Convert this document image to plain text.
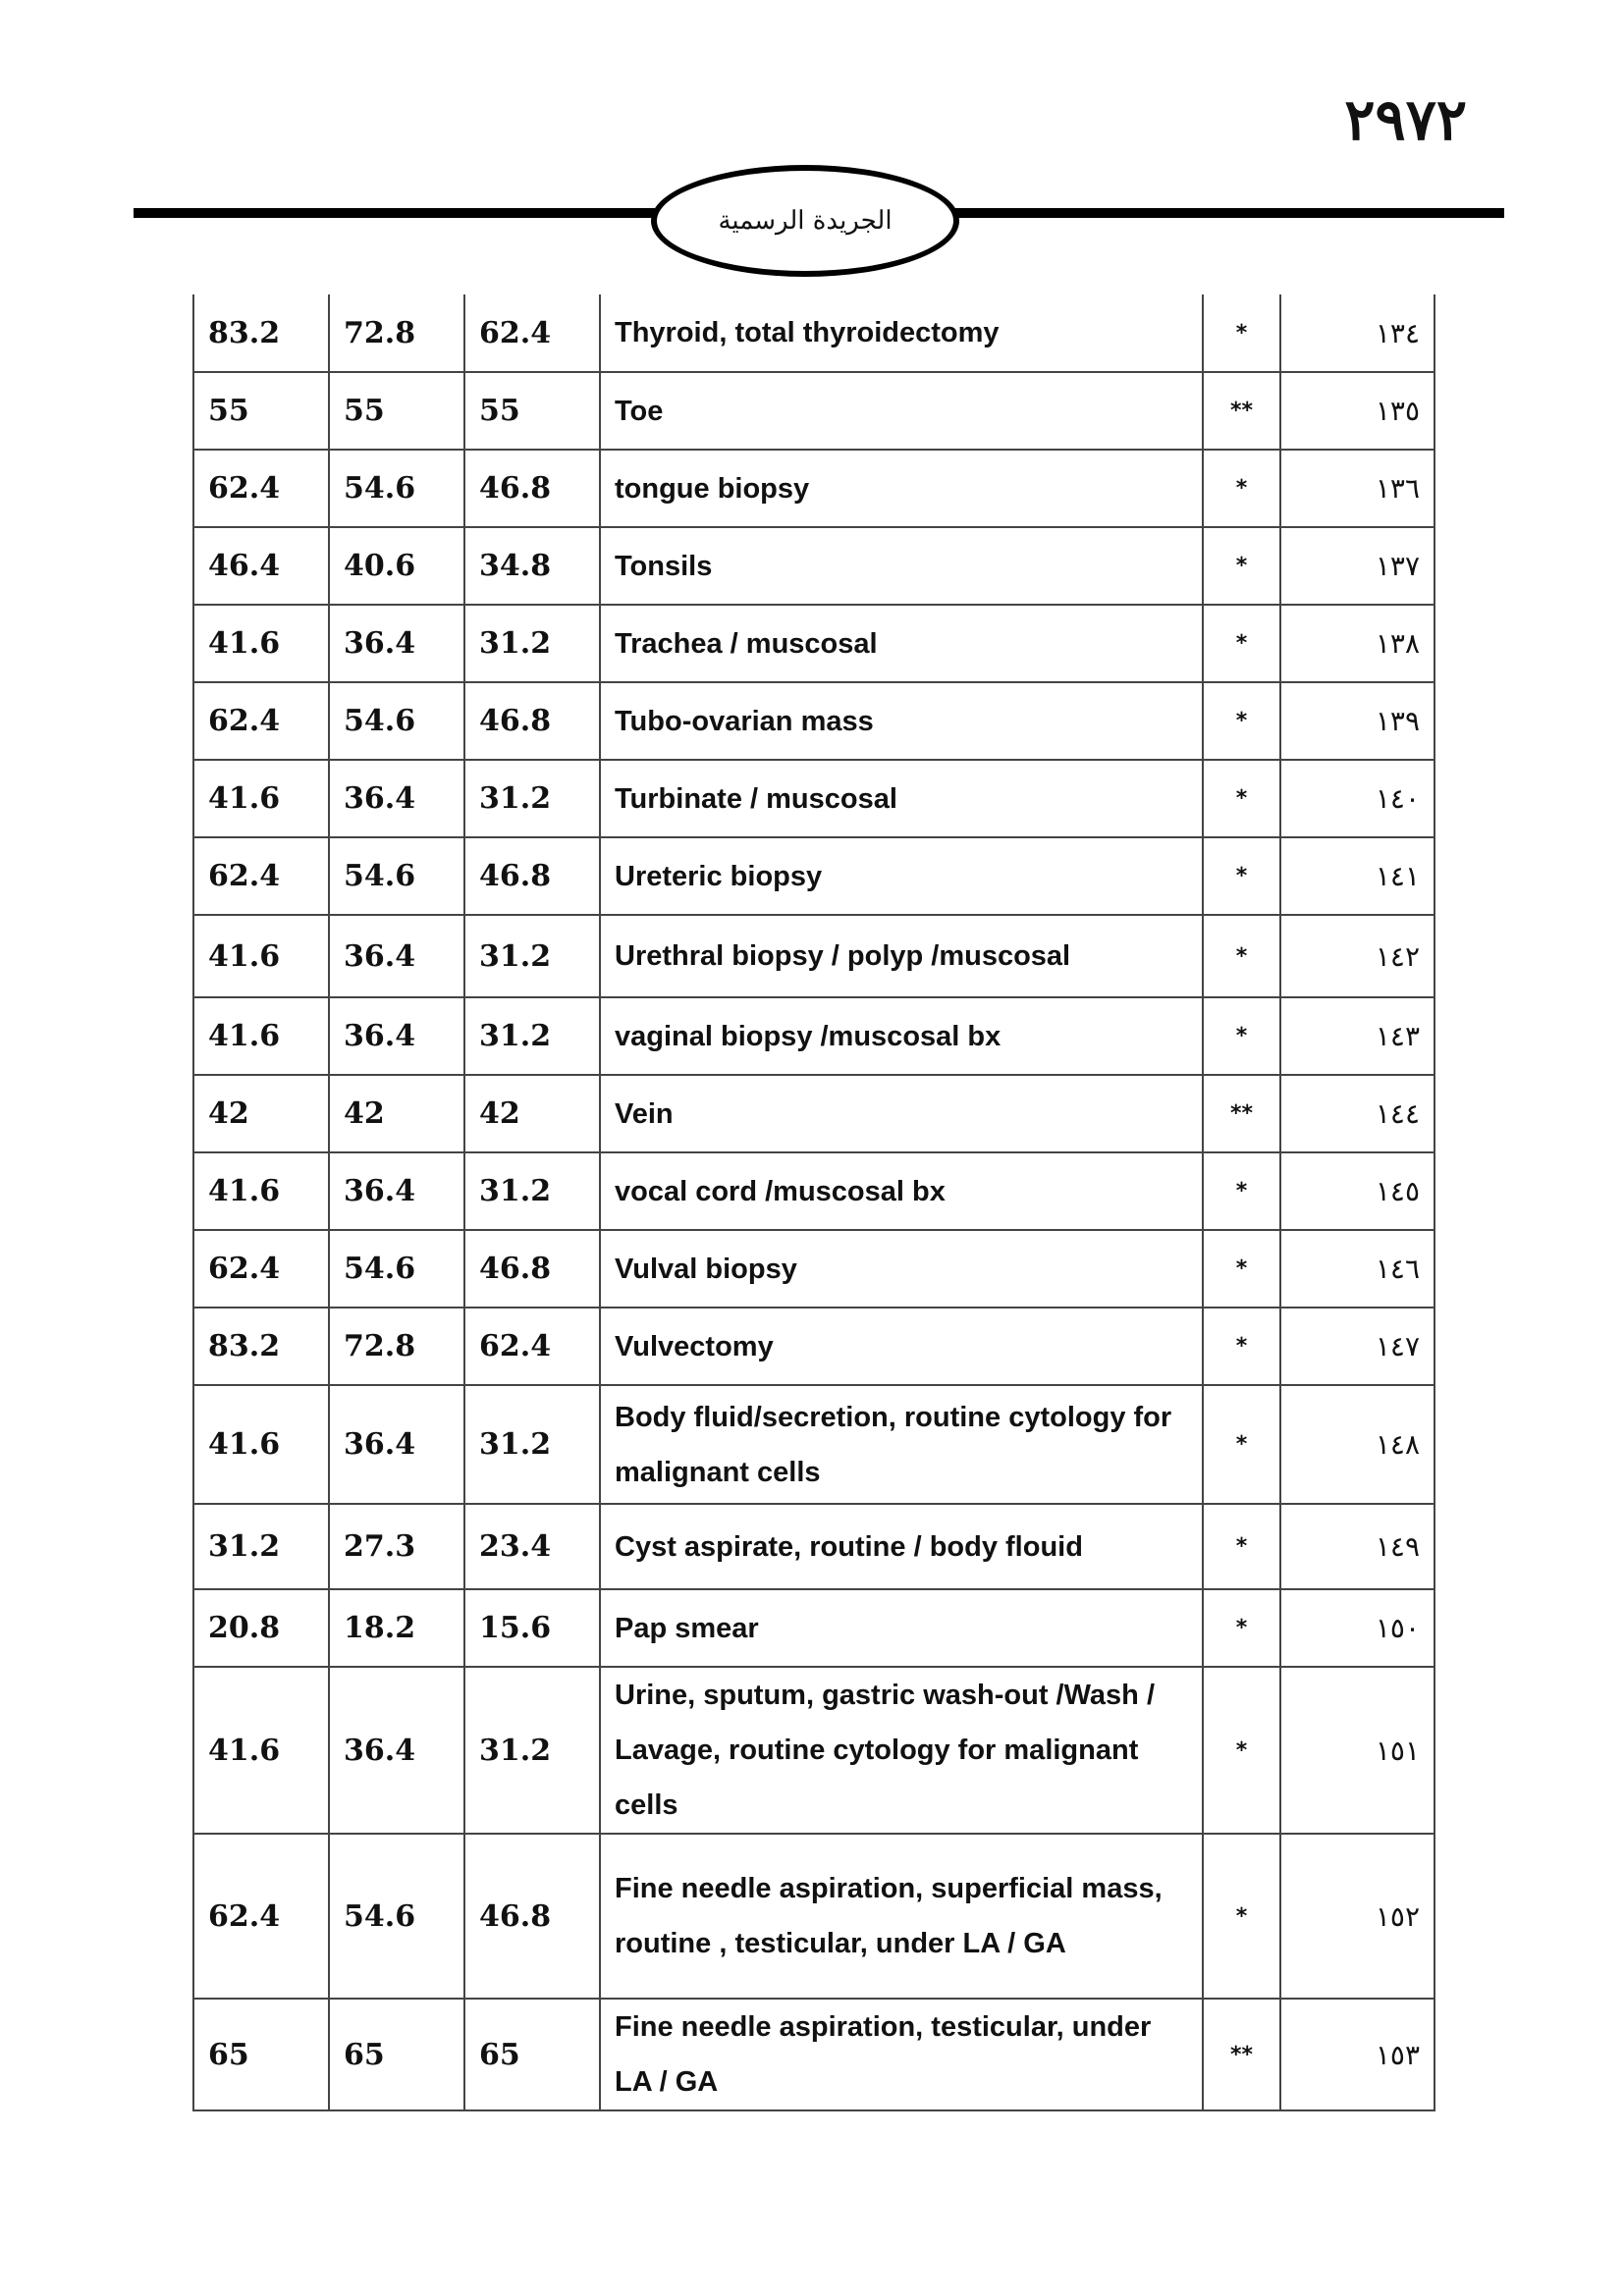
٢٩٧٢
الجريدة الرسمية
83.2	72.8	62.4	Thyroid, total thyroidectomy	*	١٣٤
55	55	55	Toe	**	١٣٥
62.4	54.6	46.8	tongue biopsy	*	١٣٦
46.4	40.6	34.8	Tonsils	*	١٣٧
41.6	36.4	31.2	Trachea / muscosal	*	١٣٨
62.4	54.6	46.8	Tubo-ovarian mass	*	١٣٩
41.6	36.4	31.2	Turbinate / muscosal	*	١٤٠
62.4	54.6	46.8	Ureteric biopsy	*	١٤١
41.6	36.4	31.2	Urethral biopsy / polyp /muscosal	*	١٤٢
41.6	36.4	31.2	vaginal biopsy /muscosal bx	*	١٤٣
42	42	42	Vein	**	١٤٤
41.6	36.4	31.2	vocal cord /muscosal bx	*	١٤٥
62.4	54.6	46.8	Vulval biopsy	*	١٤٦
83.2	72.8	62.4	Vulvectomy	*	١٤٧
41.6	36.4	31.2	Body fluid/secretion, routine cytology for malignant cells	*	١٤٨
31.2	27.3	23.4	Cyst aspirate, routine / body flouid	*	١٤٩
20.8	18.2	15.6	Pap smear	*	١٥٠
41.6	36.4	31.2	Urine, sputum, gastric wash-out /Wash / Lavage, routine cytology for malignant cells	*	١٥١
62.4	54.6	46.8	Fine needle aspiration, superficial mass, routine , testicular, under LA / GA	*	١٥٢
65	65	65	Fine needle aspiration, testicular, under LA / GA	**	١٥٣
